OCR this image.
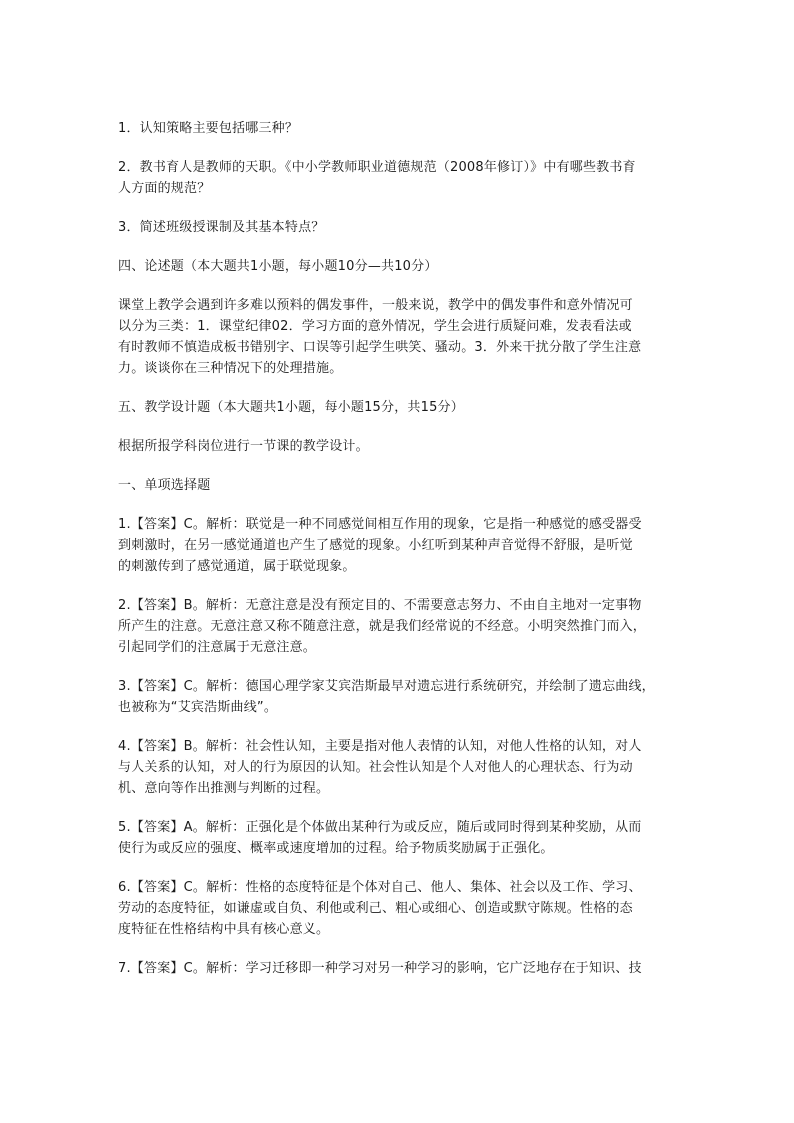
1．认知策略主要包括哪三种？

2．教书育人是教师的天职。《中小学教师职业道德规范（2008年修订）》中有哪些教书育
人方面的规范？

3．简述班级授课制及其基本特点？

四、论述题（本大题共1小题，每小题10分—共10分）

课堂上教学会遇到许多难以预料的偶发事件，一般来说，教学中的偶发事件和意外情况可
以分为三类：1．课堂纪律02．学习方面的意外情况，学生会进行质疑问难，发表看法或
有时教师不慎造成板书错别字、口误等引起学生哄笑、骚动。3．外来干扰分散了学生注意
力。谈谈你在三种情况下的处理措施。

五、教学设计题（本大题共1小题，每小题15分，共15分）

根据所报学科岗位进行一节课的教学设计。

一、单项选择题

1.【答案】C。解析：联觉是一种不同感觉间相互作用的现象，它是指一种感觉的感受器受
到刺激时，在另一感觉通道也产生了感觉的现象。小红听到某种声音觉得不舒服，是听觉
的刺激传到了感觉通道，属于联觉现象。

2.【答案】B。解析：无意注意是没有预定目的、不需要意志努力、不由自主地对一定事物
所产生的注意。无意注意又称不随意注意，就是我们经常说的不经意。小明突然推门而入，
引起同学们的注意属于无意注意。

3.【答案】C。解析：德国心理学家艾宾浩斯最早对遗忘进行系统研究，并绘制了遗忘曲线，
也被称为“艾宾浩斯曲线”。

4.【答案】B。解析：社会性认知，主要是指对他人表情的认知，对他人性格的认知，对人
与人关系的认知，对人的行为原因的认知。社会性认知是个人对他人的心理状态、行为动
机、意向等作出推测与判断的过程。

5.【答案】A。解析：正强化是个体做出某种行为或反应，随后或同时得到某种奖励，从而
使行为或反应的强度、概率或速度增加的过程。给予物质奖励属于正强化。

6.【答案】C。解析：性格的态度特征是个体对自己、他人、集体、社会以及工作、学习、
劳动的态度特征，如谦虚或自负、利他或利己、粗心或细心、创造或默守陈规。性格的态
度特征在性格结构中具有核心意义。

7.【答案】C。解析：学习迁移即一种学习对另一种学习的影响，它广泛地存在于知识、技
